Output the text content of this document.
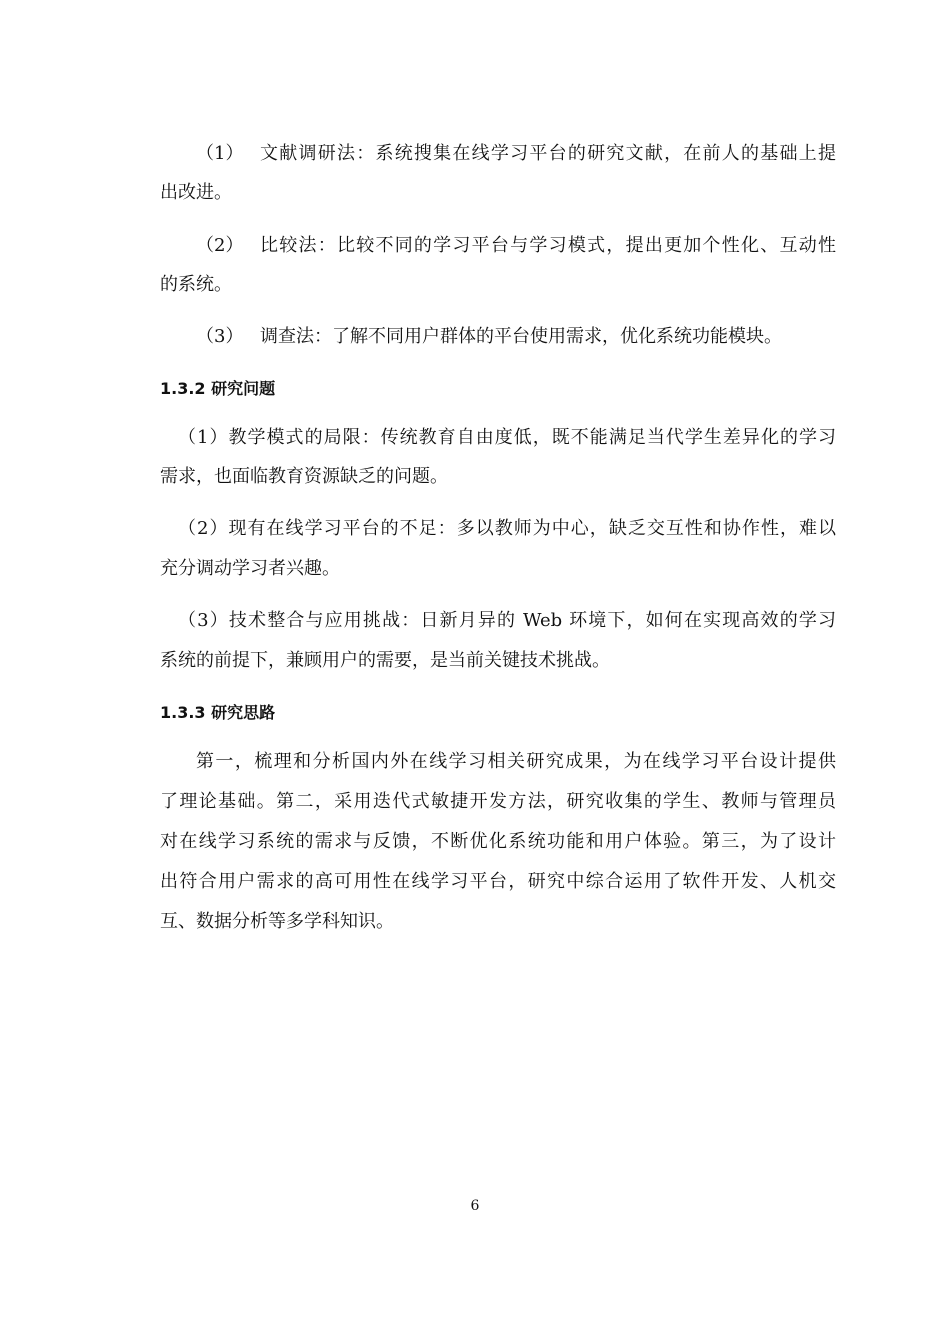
（1） 文献调研法：系统搜集在线学习平台的研究文献，在前人的基础上提
出改进。
（2） 比较法：比较不同的学习平台与学习模式，提出更加个性化、互动性
的系统。
（3） 调查法：了解不同用户群体的平台使用需求，优化系统功能模块。
1.3.2 研究问题
（1）教学模式的局限：传统教育自由度低，既不能满足当代学生差异化的学习
需求，也面临教育资源缺乏的问题。
（2）现有在线学习平台的不足：多以教师为中心，缺乏交互性和协作性，难以
充分调动学习者兴趣。
（3）技术整合与应用挑战：日新月异的 Web 环境下，如何在实现高效的学习
系统的前提下，兼顾用户的需要，是当前关键技术挑战。
1.3.3 研究思路
第一，梳理和分析国内外在线学习相关研究成果，为在线学习平台设计提供
了理论基础。第二，采用迭代式敏捷开发方法，研究收集的学生、教师与管理员
对在线学习系统的需求与反馈，不断优化系统功能和用户体验。第三，为了设计
出符合用户需求的高可用性在线学习平台，研究中综合运用了软件开发、人机交
互、数据分析等多学科知识。
6
